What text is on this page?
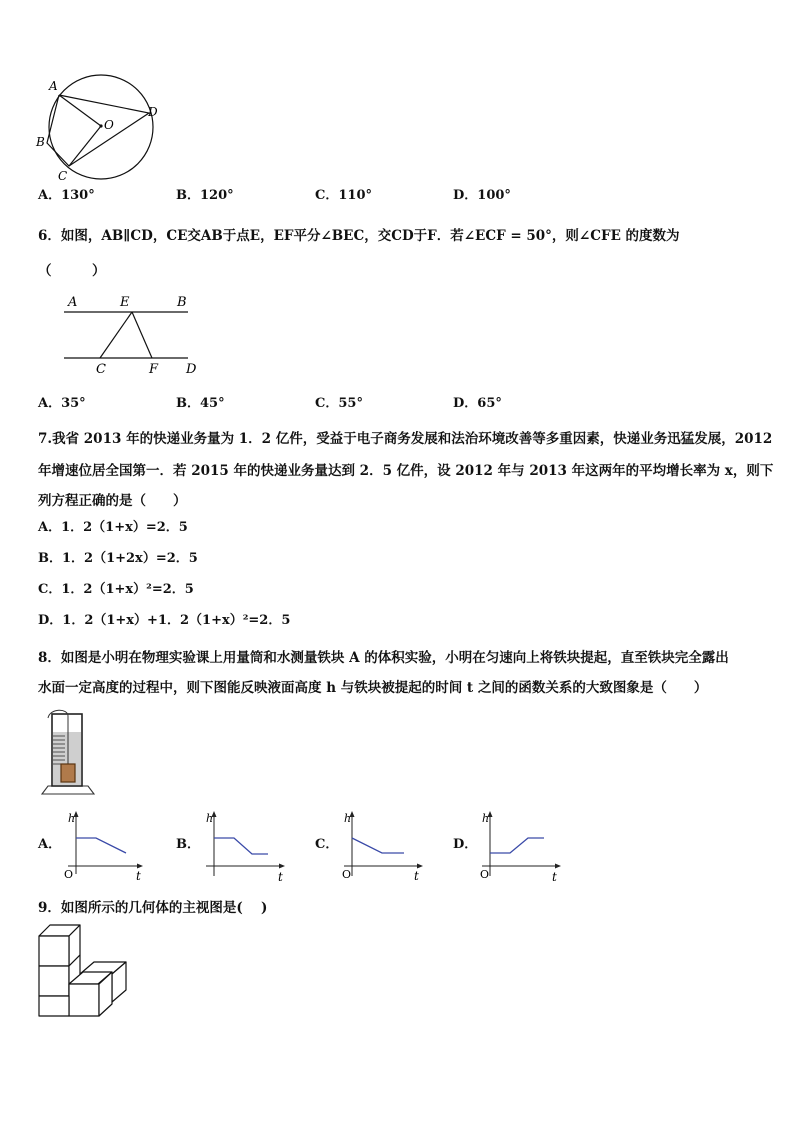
A
B
C
D
O
A．130°	B．120°	C．110°	D．100°
6．如图，AB∥CD，CE交AB于点E，EF平分∠BEC，交CD于F．若∠ECF = 50°，则∠CFE 的度数为
（　　　）
A	E	B
C	F D
A．35°	B．45°	C．55°	D．65°
7.我省 2013 年的快递业务量为 1．2 亿件，受益于电子商务发展和法治环境改善等多重因素，快递业务迅猛发展，2012
年增速位居全国第一．若 2015 年的快递业务量达到 2．5 亿件，设 2012 年与 2013 年这两年的平均增长率为 x，则下
列方程正确的是（　　）
A．1．2（1+x）=2．5
B．1．2（1+2x）=2．5
C．1．2（1+x）²=2．5
D．1．2（1+x）+1．2（1+x）²=2．5
8．如图是小明在物理实验课上用量筒和水测量铁块 A 的体积实验，小明在匀速向上将铁块提起，直至铁块完全露出
水面一定高度的过程中，则下图能反映液面高度 h 与铁块被提起的时间 t 之间的函数关系的大致图象是（　　）
A．	B．	C．	D．
h
t
O
h
t
h
t
O
h
t
O
9．如图所示的几何体的主视图是(　 )
